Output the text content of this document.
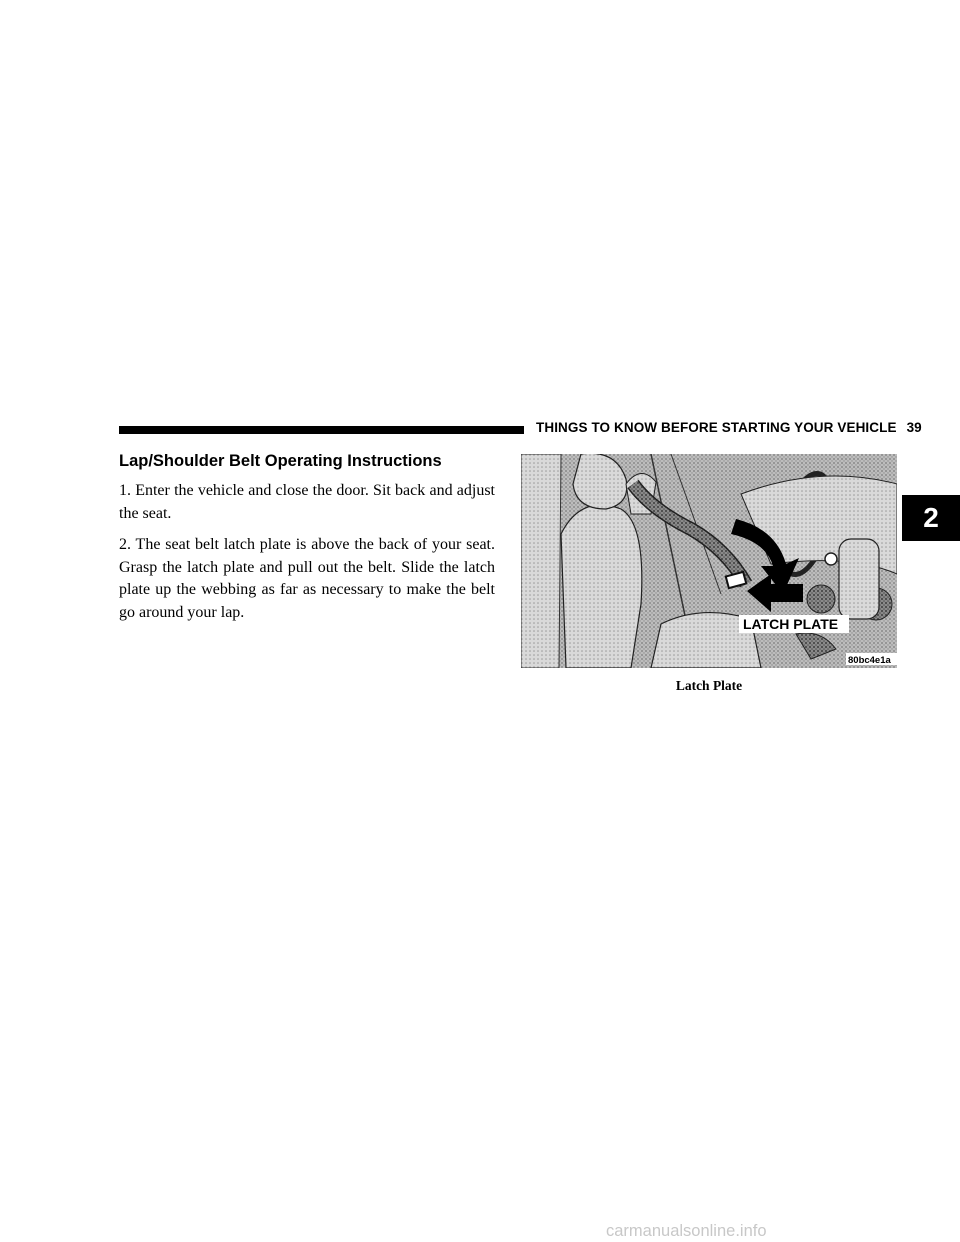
THINGS TO KNOW BEFORE STARTING YOUR VEHICLE 39
2
Lap/Shoulder Belt Operating Instructions
1. Enter the vehicle and close the door. Sit back and adjust the seat.
2. The seat belt latch plate is above the back of your seat. Grasp the latch plate and pull out the belt. Slide the latch plate up the webbing as far as necessary to make the belt go around your lap.
LATCH PLATE
80bc4e1a
Latch Plate
carmanualsonline.info
